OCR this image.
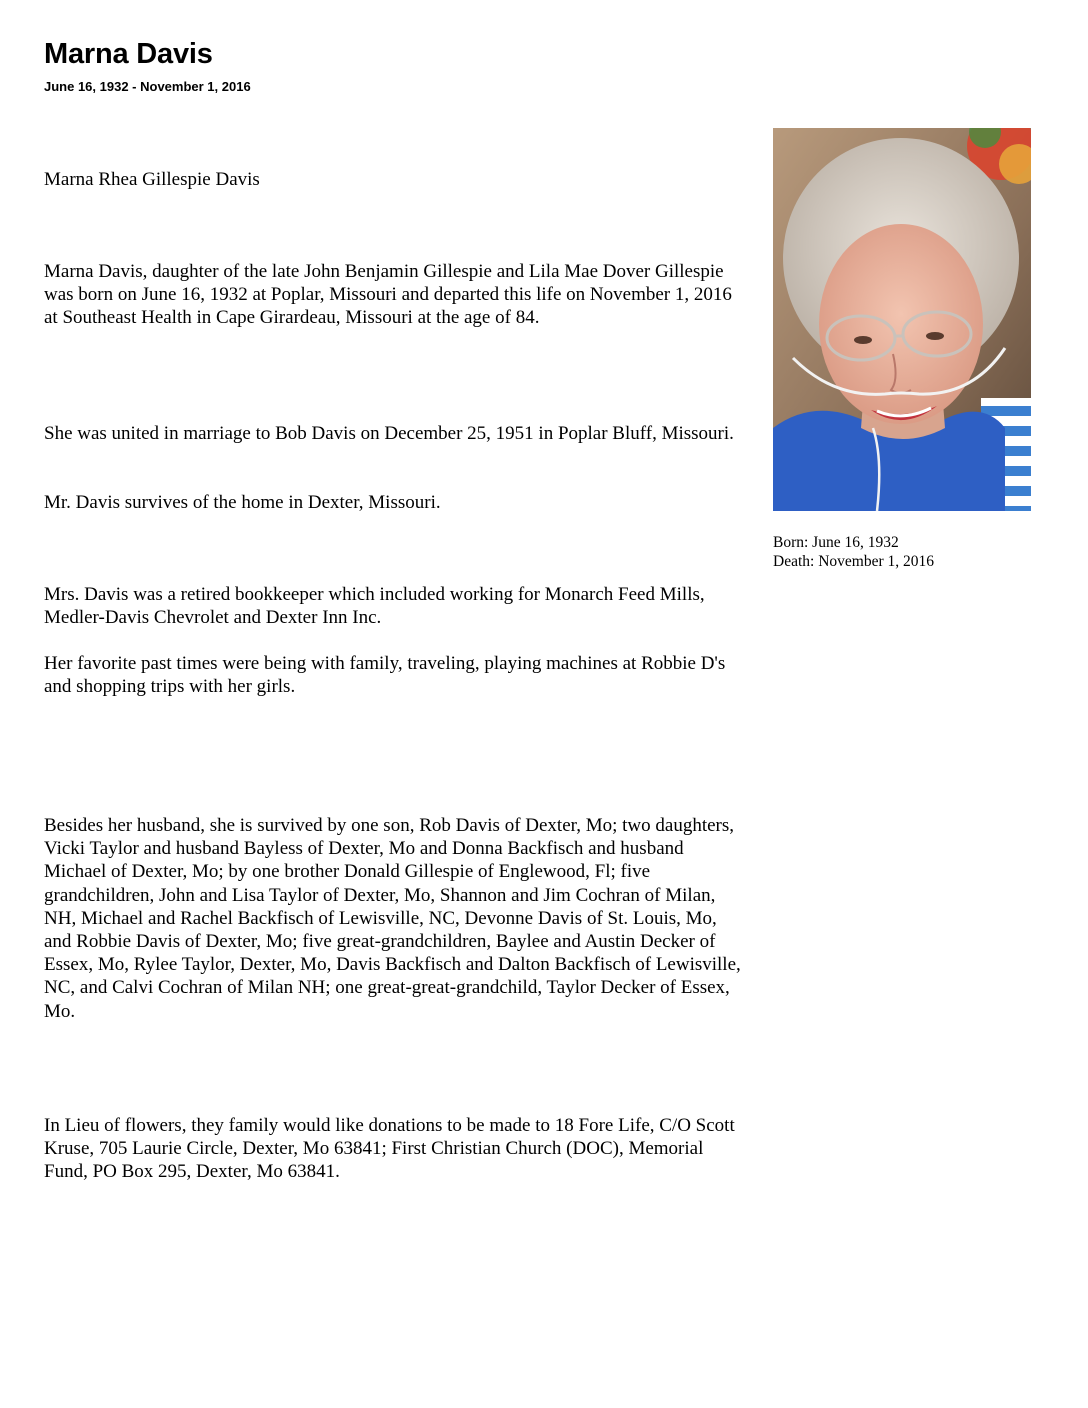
Marna Davis

June 16, 1932 - November 1, 2016

Marna Rhea Gillespie Davis

Marna Davis, daughter of the late John Benjamin Gillespie and Lila Mae Dover Gillespie was born on June 16, 1932 at Poplar, Missouri and departed this life on November 1, 2016 at Southeast Health in Cape Girardeau, Missouri at the age of 84.

She was united in marriage to Bob Davis on December 25, 1951 in Poplar Bluff, Missouri.

Mr. Davis survives of the home in Dexter, Missouri.

Mrs. Davis was a retired bookkeeper which included working for Monarch Feed Mills, Medler-Davis Chevrolet and Dexter Inn Inc.

Her favorite past times were being with family, traveling, playing machines at Robbie D's and shopping trips with her girls.

Besides her husband, she is survived by one son, Rob Davis of Dexter, Mo; two daughters, Vicki Taylor and husband Bayless of Dexter, Mo and Donna Backfisch and husband Michael of Dexter, Mo; by one brother Donald Gillespie of Englewood, Fl; five grandchildren, John and Lisa Taylor of Dexter, Mo, Shannon and Jim Cochran of Milan, NH, Michael and Rachel Backfisch of Lewisville, NC, Devonne Davis of St. Louis, Mo, and Robbie Davis of Dexter, Mo; five great-grandchildren, Baylee and Austin Decker of Essex, Mo, Rylee Taylor, Dexter, Mo, Davis Backfisch and Dalton Backfisch of Lewisville, NC, and Calvi Cochran of Milan NH; one great-great-grandchild, Taylor Decker of Essex, Mo.

In Lieu of flowers, they family would like donations to be made to 18 Fore Life, C/O Scott Kruse, 705 Laurie Circle, Dexter, Mo 63841; First Christian Church (DOC), Memorial Fund, PO Box 295, Dexter, Mo 63841.

Born: June 16, 1932
Death: November 1, 2016
